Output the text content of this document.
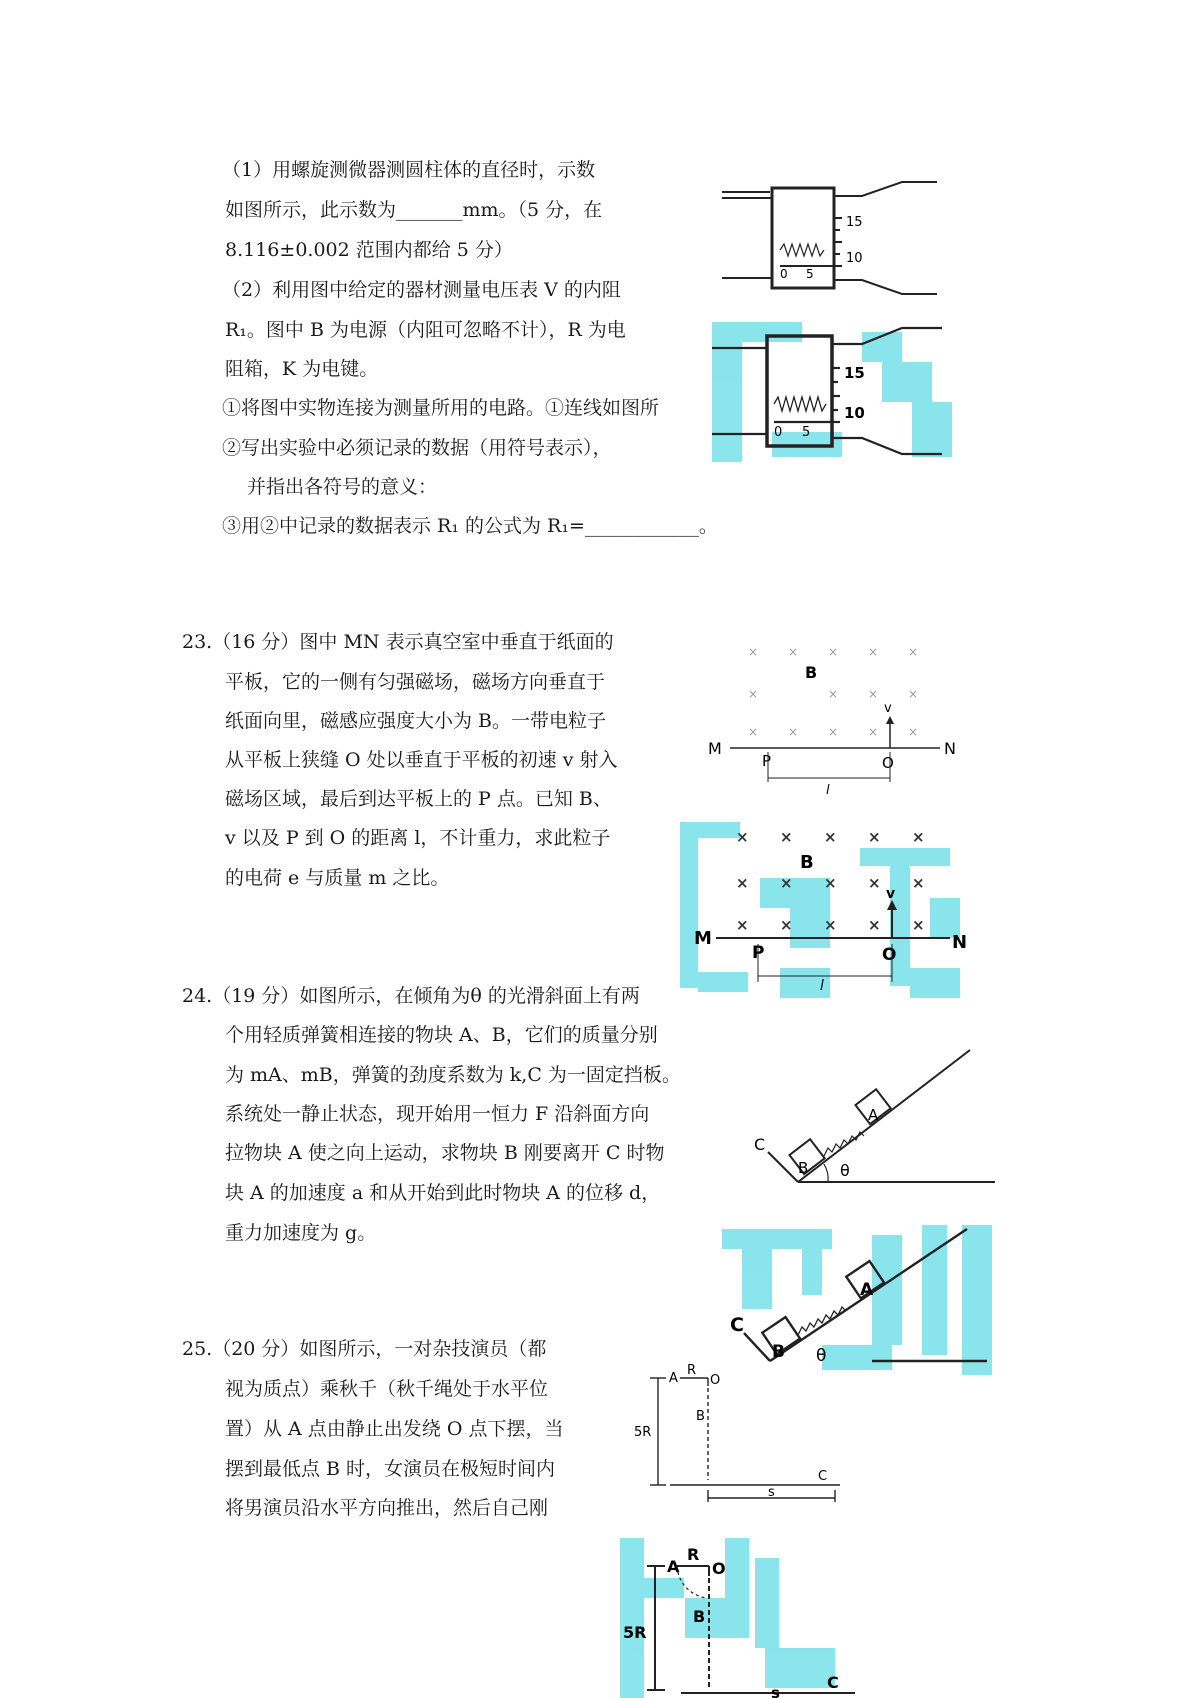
（1）用螺旋测微器测圆柱体的直径时，示数
如图所示，此示数为_______mm。（5 分，在
8.116±0.002 范围内都给 5 分）
（2）利用图中给定的器材测量电压表 V 的内阻
R₁。图中 B 为电源（内阻可忽略不计），R 为电
阻箱，K 为电键。
①将图中实物连接为测量所用的电路。①连线如图所
②写出实验中必须记录的数据（用符号表示），
并指出各符号的意义：
③用②中记录的数据表示 R₁ 的公式为 R₁=____________。
15
10
0 5
15
10
0 5
23.（16 分）图中 MN 表示真空室中垂直于纸面的
平板，它的一侧有匀强磁场，磁场方向垂直于
纸面向里，磁感应强度大小为 B。一带电粒子
从平板上狭缝 O 处以垂直于平板的初速 v 射入
磁场区域，最后到达平板上的 P 点。已知 B、
v 以及 P 到 O 的距离 l，不计重力，求此粒子
的电荷 e 与质量 m 之比。
× × × × ×
×	× × ×
× × × × ×
B
v
M	N
P	O
l
× × × × ×
× × × × ×
× × × × ×
B
v
M	N
P	O
l
24.（19 分）如图所示，在倾角为θ 的光滑斜面上有两
个用轻质弹簧相连接的物块 A、B，它们的质量分别
为 mA、mB，弹簧的劲度系数为 k,C 为一固定挡板。
系统处一静止状态，现开始用一恒力 F 沿斜面方向
拉物块 A 使之向上运动，求物块 B 刚要离开 C 时物
块 A 的加速度 a 和从开始到此时物块 A 的位移 d，
重力加速度为 g。
C
B
A
θ
C
B
A
θ
25.（20 分）如图所示，一对杂技演员（都
视为质点）乘秋千（秋千绳处于水平位
置）从 A 点由静止出发绕 O 点下摆，当
摆到最低点 B 时，女演员在极短时间内
将男演员沿水平方向推出，然后自己刚
A
R
O
B
5R
C
s
A
R
O
B
5R
C
s
